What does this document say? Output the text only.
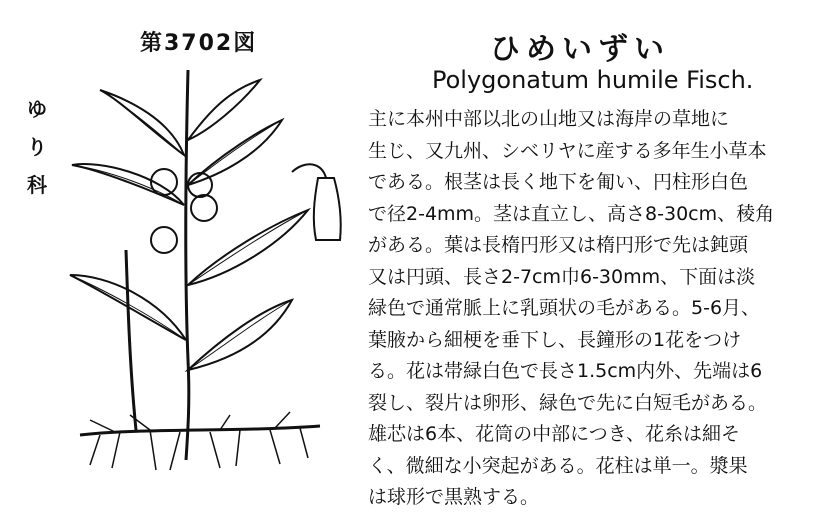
第3702図
ゆ
り
科
ひめいずい
Polygonatum humile Fisch.
主に本州中部以北の山地又は海岸の草地に
生じ、又九州、シベリヤに産する多年生小草本
である。根茎は長く地下を匍い、円柱形白色
で径2-4mm。茎は直立し、高さ8-30cm、稜角
がある。葉は長楕円形又は楕円形で先は鈍頭
又は円頭、長さ2-7cm巾6-30mm、下面は淡
緑色で通常脈上に乳頭状の毛がある。5-6月、
葉腋から細梗を垂下し、長鐘形の1花をつけ
る。花は帯緑白色で長さ1.5cm内外、先端は6
裂し、裂片は卵形、緑色で先に白短毛がある。
雄芯は6本、花筒の中部につき、花糸は細そ
く、微細な小突起がある。花柱は単一。漿果
は球形で黒熟する。
